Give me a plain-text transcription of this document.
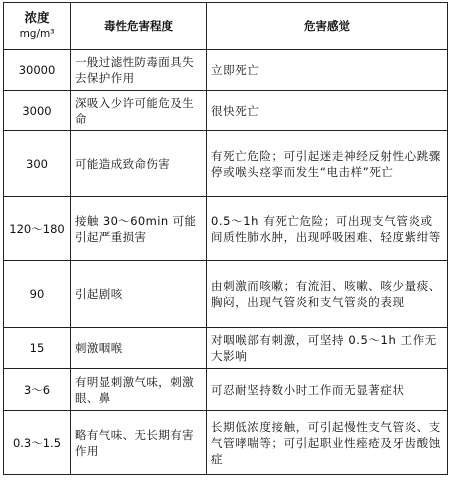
浓度
mg/m³	毒性危害程度	危害感觉
30000	一般过滤性防毒面具失去保护作用	立即死亡
3000	深吸入少许可能危及生命	很快死亡
300	可能造成致命伤害	有死亡危险；可引起迷走神经反射性心跳骤停或喉头痉挛而发生“电击样”死亡
120～180	接触 30～60min 可能引起严重损害	0.5～1h 有死亡危险；可出现支气管炎或间质性肺水肿，出现呼吸困难、轻度紫绀等
90	引起剧咳	由刺激而咳嗽；有流泪、咳嗽、咳少量痰、胸闷，出现气管炎和支气管炎的表现
15	刺激咽喉	对咽喉部有刺激，可坚持 0.5～1h 工作无大影响
3～6	有明显刺激气味，刺激眼、鼻	可忍耐坚持数小时工作而无显著症状
0.3～1.5	略有气味、无长期有害作用	长期低浓度接触，可引起慢性支气管炎、支气管哮喘等；可引起职业性痤疮及牙齿酸蚀症
